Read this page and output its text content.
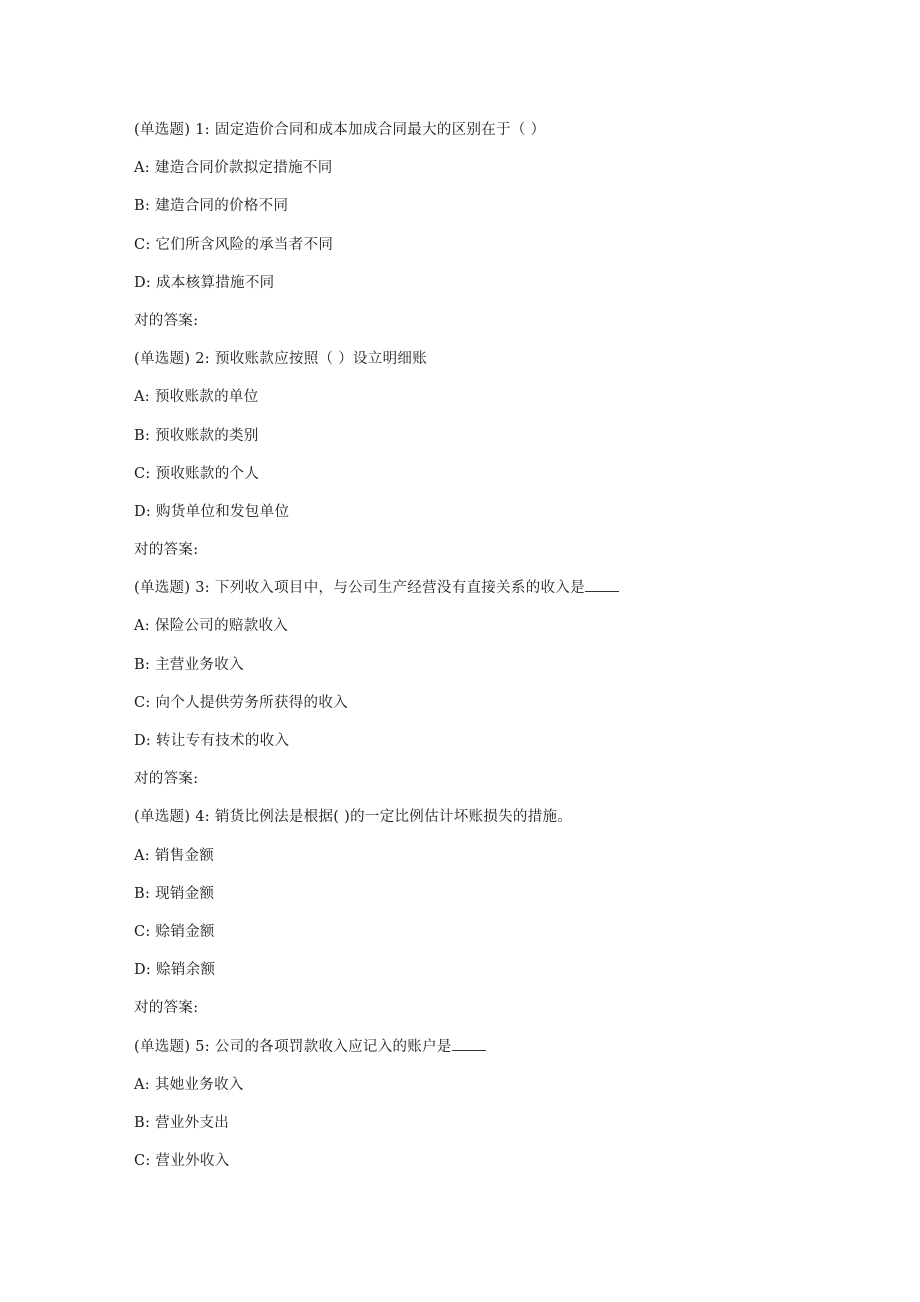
(单选题) 1: 固定造价合同和成本加成合同最大的区别在于（ ）
A: 建造合同价款拟定措施不同
B: 建造合同的价格不同
C: 它们所含风险的承当者不同
D: 成本核算措施不同
对的答案:
(单选题) 2: 预收账款应按照（ ）设立明细账
A: 预收账款的单位
B: 预收账款的类别
C: 预收账款的个人
D: 购货单位和发包单位
对的答案:
(单选题) 3: 下列收入项目中，与公司生产经营没有直接关系的收入是
A: 保险公司的赔款收入
B: 主营业务收入
C: 向个人提供劳务所获得的收入
D: 转让专有技术的收入
对的答案:
(单选题) 4: 销货比例法是根据( )的一定比例估计坏账损失的措施。
A: 销售金额
B: 现销金额
C: 赊销金额
D: 赊销余额
对的答案:
(单选题) 5: 公司的各项罚款收入应记入的账户是
A: 其她业务收入
B: 营业外支出
C: 营业外收入
